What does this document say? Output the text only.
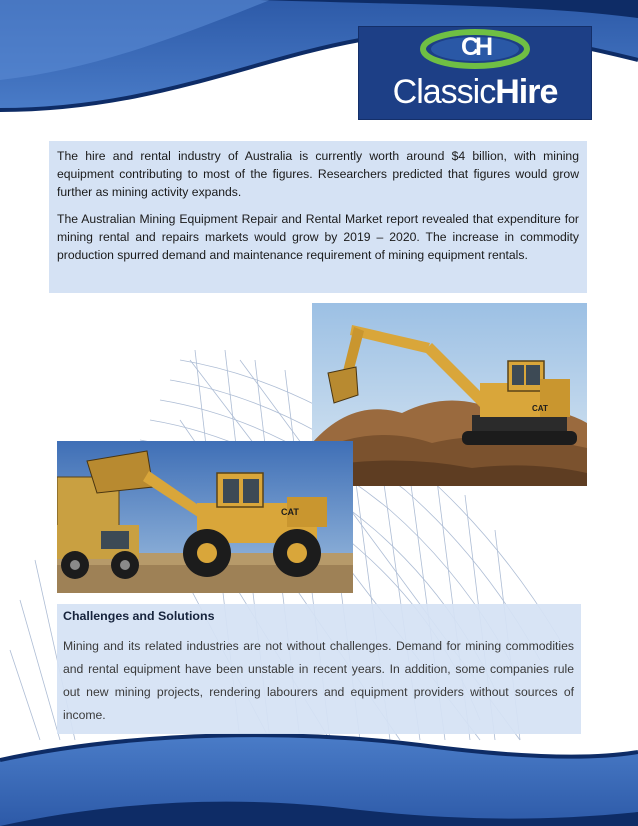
CH
ClassicHire

The hire and rental industry of Australia is currently worth around $4 billion, with mining equipment contributing to most of the figures. Researchers predicted that figures would grow further as mining activity expands.

The Australian Mining Equipment Repair and Rental Market report revealed that expenditure for mining rental and repairs markets would grow by 2019 – 2020. The increase in commodity production spurred demand and maintenance requirement of mining equipment rentals.

CAT
CAT
Challenges and Solutions

Mining and its related industries are not without challenges. Demand for mining commodities and rental equipment have been unstable in recent years. In addition, some companies rule out new mining projects, rendering labourers and equipment providers without sources of income.
